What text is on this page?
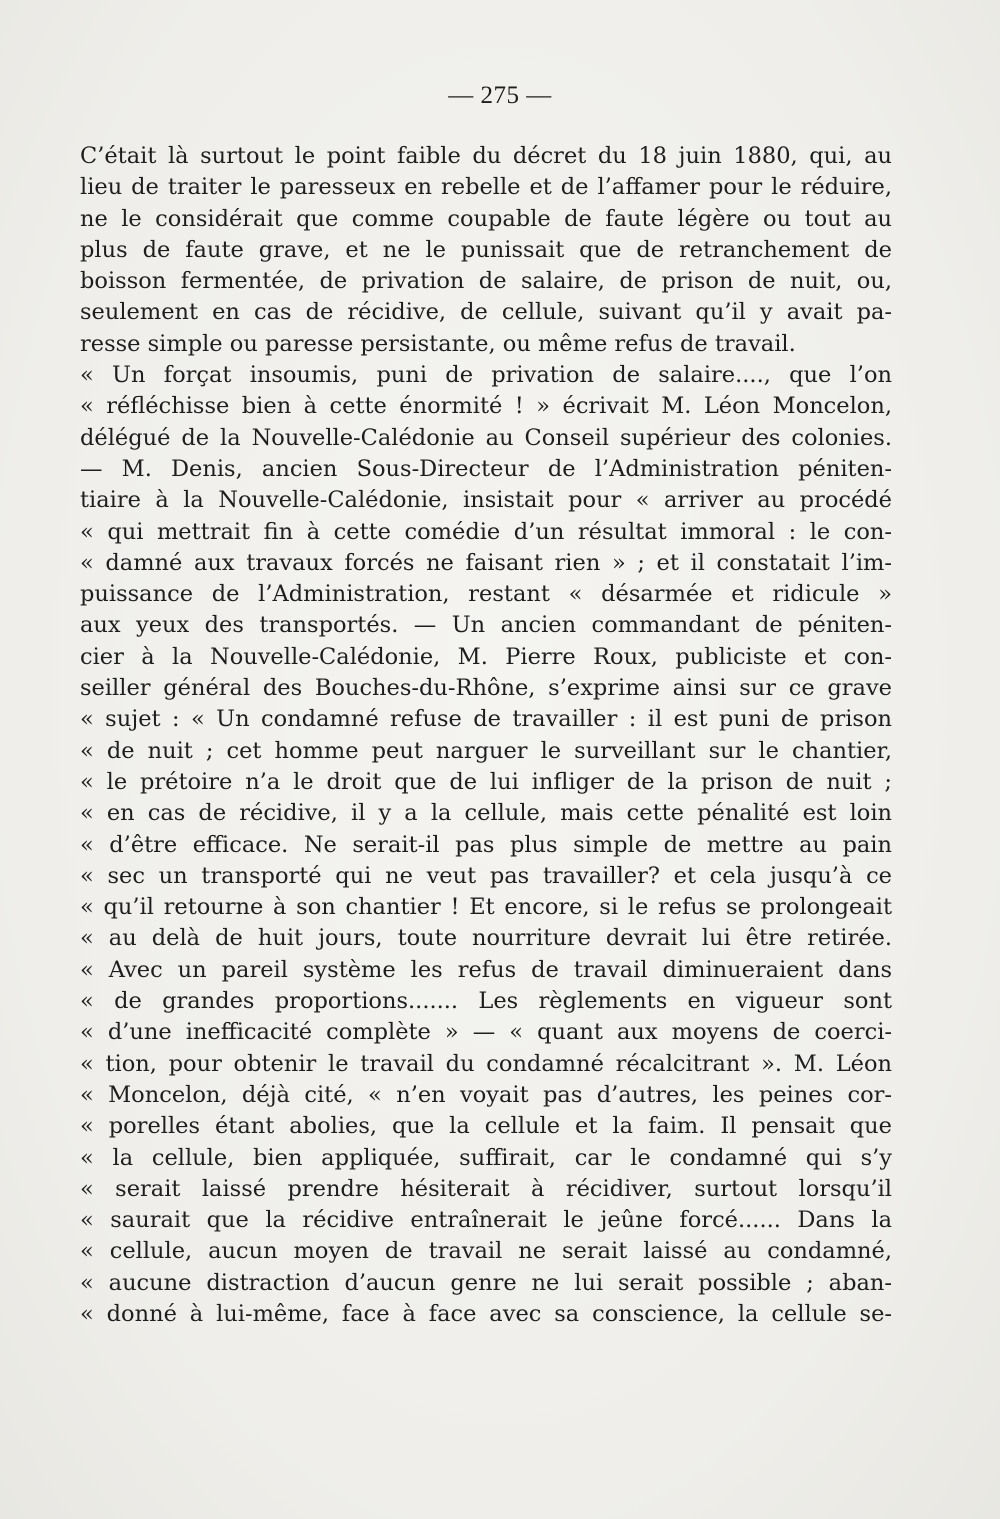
— 275 —
C’était là surtout le point faible du décret du 18 juin 1880, qui, au
lieu de traiter le paresseux en rebelle et de l’affamer pour le réduire,
ne le considérait que comme coupable de faute légère ou tout au
plus de faute grave, et ne le punissait que de retranchement de
boisson fermentée, de privation de salaire, de prison de nuit, ou,
seulement en cas de récidive, de cellule, suivant qu’il y avait pa-
resse simple ou paresse persistante, ou même refus de travail.
« Un forçat insoumis, puni de privation de salaire...., que l’on
« réfléchisse bien à cette énormité ! » écrivait M. Léon Moncelon,
délégué de la Nouvelle-Calédonie au Conseil supérieur des colonies.
— M. Denis, ancien Sous-Directeur de l’Administration péniten-
tiaire à la Nouvelle-Calédonie, insistait pour « arriver au procédé
« qui mettrait fin à cette comédie d’un résultat immoral : le con-
« damné aux travaux forcés ne faisant rien » ; et il constatait l’im-
puissance de l’Administration, restant « désarmée et ridicule »
aux yeux des transportés. — Un ancien commandant de péniten-
cier à la Nouvelle-Calédonie, M. Pierre Roux, publiciste et con-
seiller général des Bouches-du-Rhône, s’exprime ainsi sur ce grave
« sujet : « Un condamné refuse de travailler : il est puni de prison
« de nuit ; cet homme peut narguer le surveillant sur le chantier,
« le prétoire n’a le droit que de lui infliger de la prison de nuit ;
« en cas de récidive, il y a la cellule, mais cette pénalité est loin
« d’être efficace. Ne serait-il pas plus simple de mettre au pain
« sec un transporté qui ne veut pas travailler? et cela jusqu’à ce
« qu’il retourne à son chantier ! Et encore, si le refus se prolongeait
« au delà de huit jours, toute nourriture devrait lui être retirée.
« Avec un pareil système les refus de travail diminueraient dans
« de grandes proportions....... Les règlements en vigueur sont
« d’une inefficacité complète » — « quant aux moyens de coerci-
« tion, pour obtenir le travail du condamné récalcitrant ». M. Léon
« Moncelon, déjà cité, « n’en voyait pas d’autres, les peines cor-
« porelles étant abolies, que la cellule et la faim. Il pensait que
« la cellule, bien appliquée, suffirait, car le condamné qui s’y
« serait laissé prendre hésiterait à récidiver, surtout lorsqu’il
« saurait que la récidive entraînerait le jeûne forcé...... Dans la
« cellule, aucun moyen de travail ne serait laissé au condamné,
« aucune distraction d’aucun genre ne lui serait possible ; aban-
« donné à lui-même, face à face avec sa conscience, la cellule se-
